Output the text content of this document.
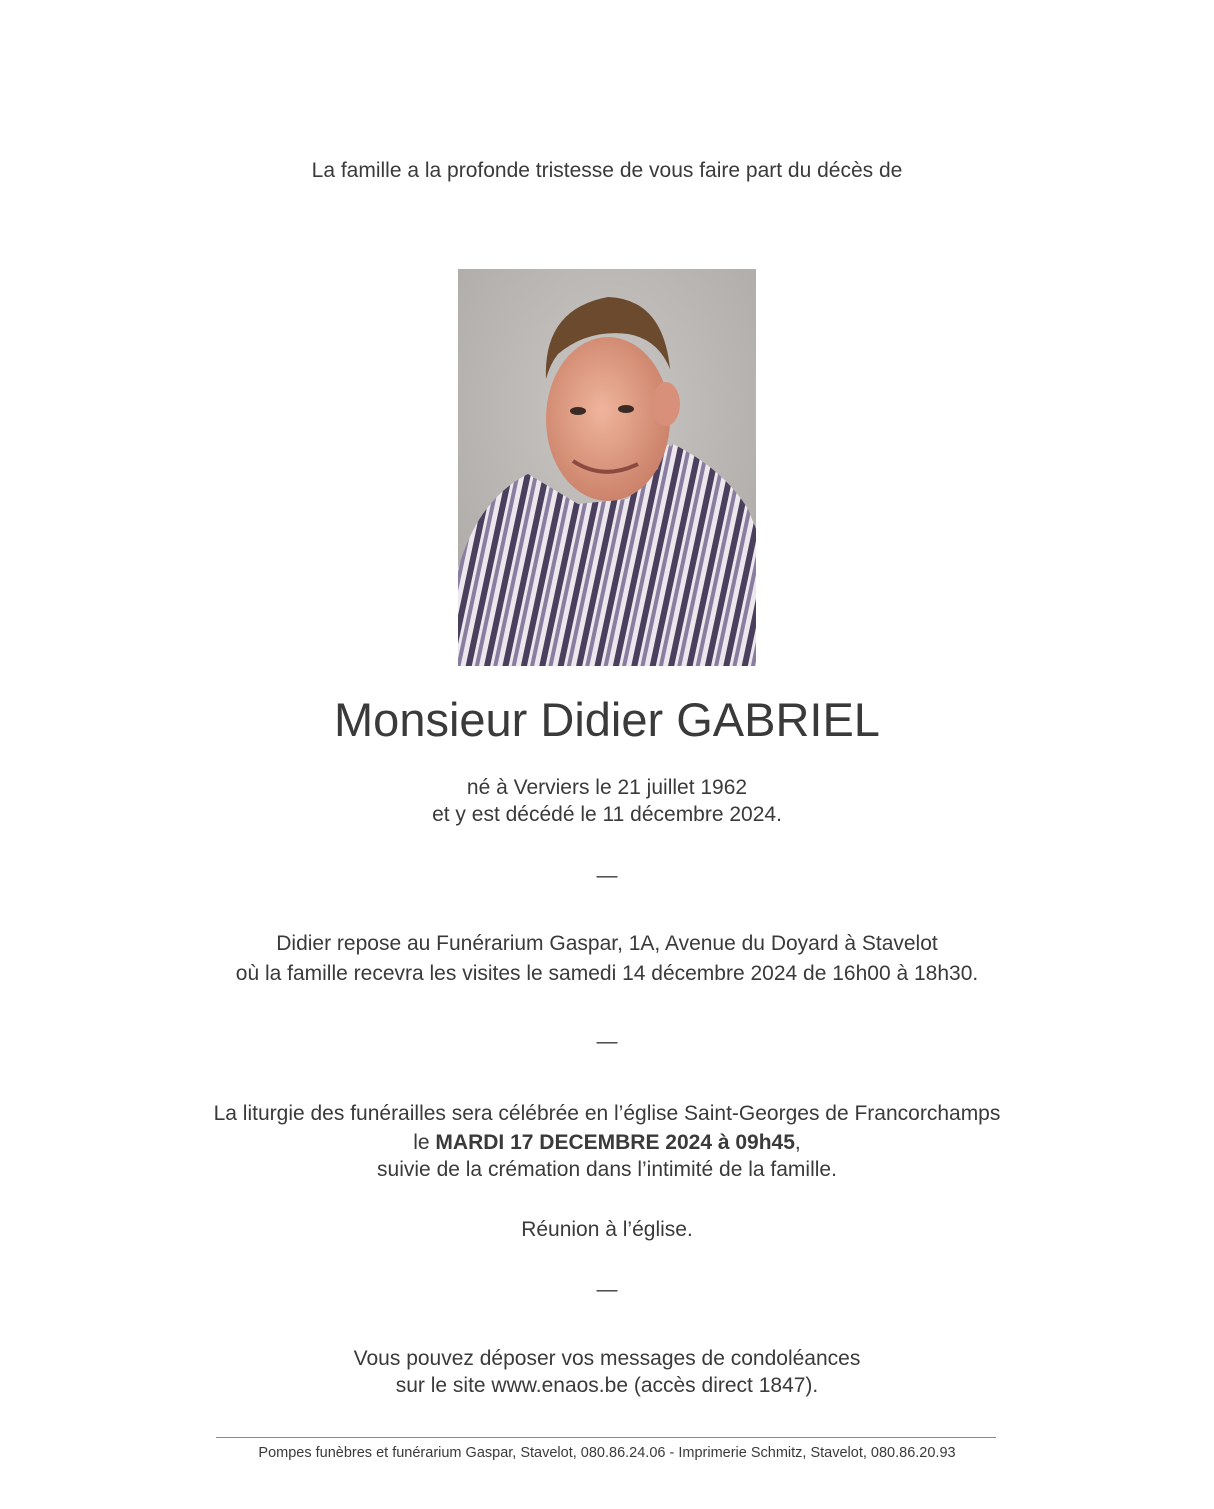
La famille a la profonde tristesse de vous faire part du décès de
Monsieur Didier GABRIEL
né à Verviers le 21 juillet 1962
et y est décédé le 11 décembre 2024.
—
Didier repose au Funérarium Gaspar, 1A, Avenue du Doyard à Stavelot
où la famille recevra les visites le samedi 14 décembre 2024 de 16h00 à 18h30.
—
La liturgie des funérailles sera célébrée en l’église Saint-Georges de Francorchamps
le MARDI 17 DECEMBRE 2024 à 09h45,
suivie de la crémation dans l’intimité de la famille.
Réunion à l’église.
—
Vous pouvez déposer vos messages de condoléances
sur le site www.enaos.be (accès direct 1847).
Pompes funèbres et funérarium Gaspar, Stavelot, 080.86.24.06 - Imprimerie Schmitz, Stavelot, 080.86.20.93
